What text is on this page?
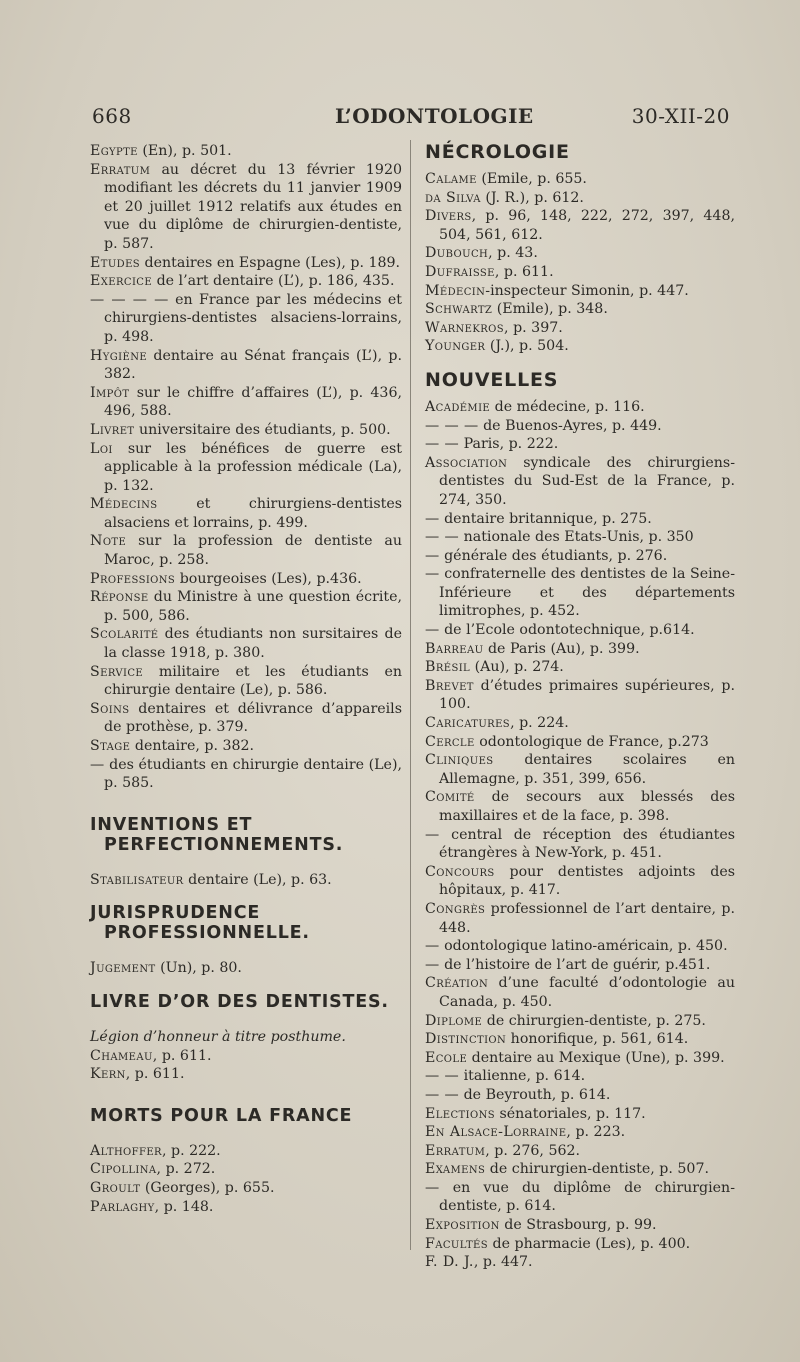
668	L’ODONTOLOGIE	30-XII-20

Egypte (En), p. 501.

Erratum au décret du 13 février 1920 modifiant les décrets du 11 janvier 1909 et 20 juillet 1912 relatifs aux études en vue du diplôme de chirurgien-dentiste, p. 587.

Etudes dentaires en Espagne (Les), p. 189.

Exercice de l’art dentaire (L’), p. 186, 435.

— — — — en France par les médecins et chirurgiens-dentistes alsaciens-lorrains, p. 498.

Hygiène dentaire au Sénat français (L’), p. 382.

Impôt sur le chiffre d’affaires (L’), p. 436, 496, 588.

Livret universitaire des étudiants, p. 500.

Loi sur les bénéfices de guerre est applicable à la profession médicale (La), p. 132.

Médecins et chirurgiens-dentistes alsaciens et lorrains, p. 499.

Note sur la profession de dentiste au Maroc, p. 258.

Professions bourgeoises (Les), p.436.

Réponse du Ministre à une question écrite, p. 500, 586.

Scolarité des étudiants non sursitaires de la classe 1918, p. 380.

Service militaire et les étudiants en chirurgie dentaire (Le), p. 586.

Soins dentaires et délivrance d’appareils de prothèse, p. 379.

Stage dentaire, p. 382.

— des étudiants en chirurgie dentaire (Le), p. 585.

INVENTIONS ET PERFECTIONNEMENTS.

Stabilisateur dentaire (Le), p. 63.

JURISPRUDENCE PROFESSIONNELLE.

Jugement (Un), p. 80.

LIVRE D’OR DES DENTISTES.

Légion d’honneur à titre posthume.

Chameau, p. 611.

Kern, p. 611.

MORTS POUR LA FRANCE

Althoffer, p. 222.

Cipollina, p. 272.

Groult (Georges), p. 655.

Parlaghy, p. 148.

NÉCROLOGIE

Calame (Emile, p. 655.

da Silva (J. R.), p. 612.

Divers, p. 96, 148, 222, 272, 397, 448, 504, 561, 612.

Dubouch, p. 43.

Dufraisse, p. 611.

Médecin-inspecteur Simonin, p. 447.

Schwartz (Emile), p. 348.

Warnekros, p. 397.

Younger (J.), p. 504.

NOUVELLES

Académie de médecine, p. 116.

— — — de Buenos-Ayres, p. 449.

— — Paris, p. 222.

Association syndicale des chirurgiens-dentistes du Sud-Est de la France, p. 274, 350.

— dentaire britannique, p. 275.

— — nationale des Etats-Unis, p. 350

— générale des étudiants, p. 276.

— confraternelle des dentistes de la Seine-Inférieure et des départements limitrophes, p. 452.

— de l’Ecole odontotechnique, p.614.

Barreau de Paris (Au), p. 399.

Brésil (Au), p. 274.

Brevet d’études primaires supérieures, p. 100.

Caricatures, p. 224.

Cercle odontologique de France, p.273

Cliniques dentaires scolaires en Allemagne, p. 351, 399, 656.

Comité de secours aux blessés des maxillaires et de la face, p. 398.

— central de réception des étudiantes étrangères à New-York, p. 451.

Concours pour dentistes adjoints des hôpitaux, p. 417.

Congrès professionnel de l’art dentaire, p. 448.

— odontologique latino-américain, p. 450.

— de l’histoire de l’art de guérir, p.451.

Création d’une faculté d’odontologie au Canada, p. 450.

Diplome de chirurgien-dentiste, p. 275.

Distinction honorifique, p. 561, 614.

Ecole dentaire au Mexique (Une), p. 399.

— — italienne, p. 614.

— — de Beyrouth, p. 614.

Elections sénatoriales, p. 117.

En Alsace-Lorraine, p. 223.

Erratum, p. 276, 562.

Examens de chirurgien-dentiste, p. 507.

— en vue du diplôme de chirurgien-dentiste, p. 614.

Exposition de Strasbourg, p. 99.

Facultés de pharmacie (Les), p. 400.

F. D. J., p. 447.
